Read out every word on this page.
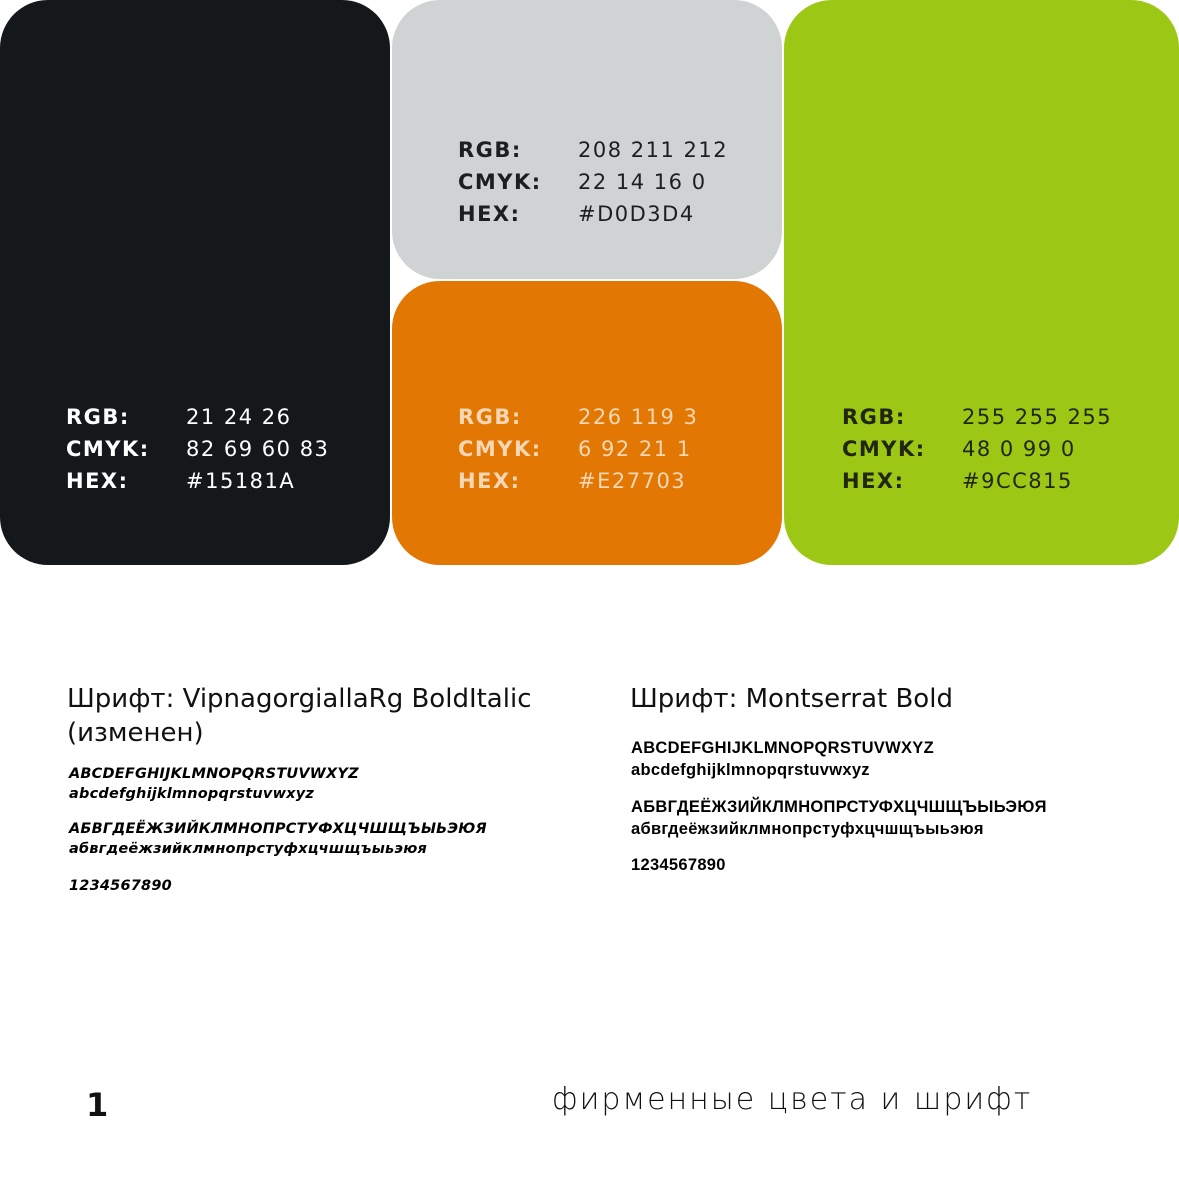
RGB:	21 24 26
CMYK:	82 69 60 83
HEX:	#15181A
RGB:	208 211 212
CMYK:	22 14 16 0
HEX:	#D0D3D4
RGB:	226 119 3
CMYK:	6 92 21 1
HEX:	#E27703
RGB:	255 255 255
CMYK:	48 0 99 0
HEX:	#9CC815
Шрифт: VipnagorgiallaRg BoldItalic (изменен)
ABCDEFGHIJKLMNOPQRSTUVWXYZ
abcdefghijklmnopqrstuvwxyz
АБВГДЕЁЖЗИЙКЛМНОПРСТУФХЦЧШЩЪЫЬЭЮЯ
абвгдеёжзийклмнопрстуфхцчшщъыьэюя
1234567890
Шрифт: Montserrat Bold
ABCDEFGHIJKLMNOPQRSTUVWXYZ
abcdefghijklmnopqrstuvwxyz
АБВГДЕЁЖЗИЙКЛМНОПРСТУФХЦЧШЩЪЫЬЭЮЯ
абвгдеёжзийклмнопрстуфхцчшщъыьэюя
1234567890
1	фирменные цвета и шрифт
